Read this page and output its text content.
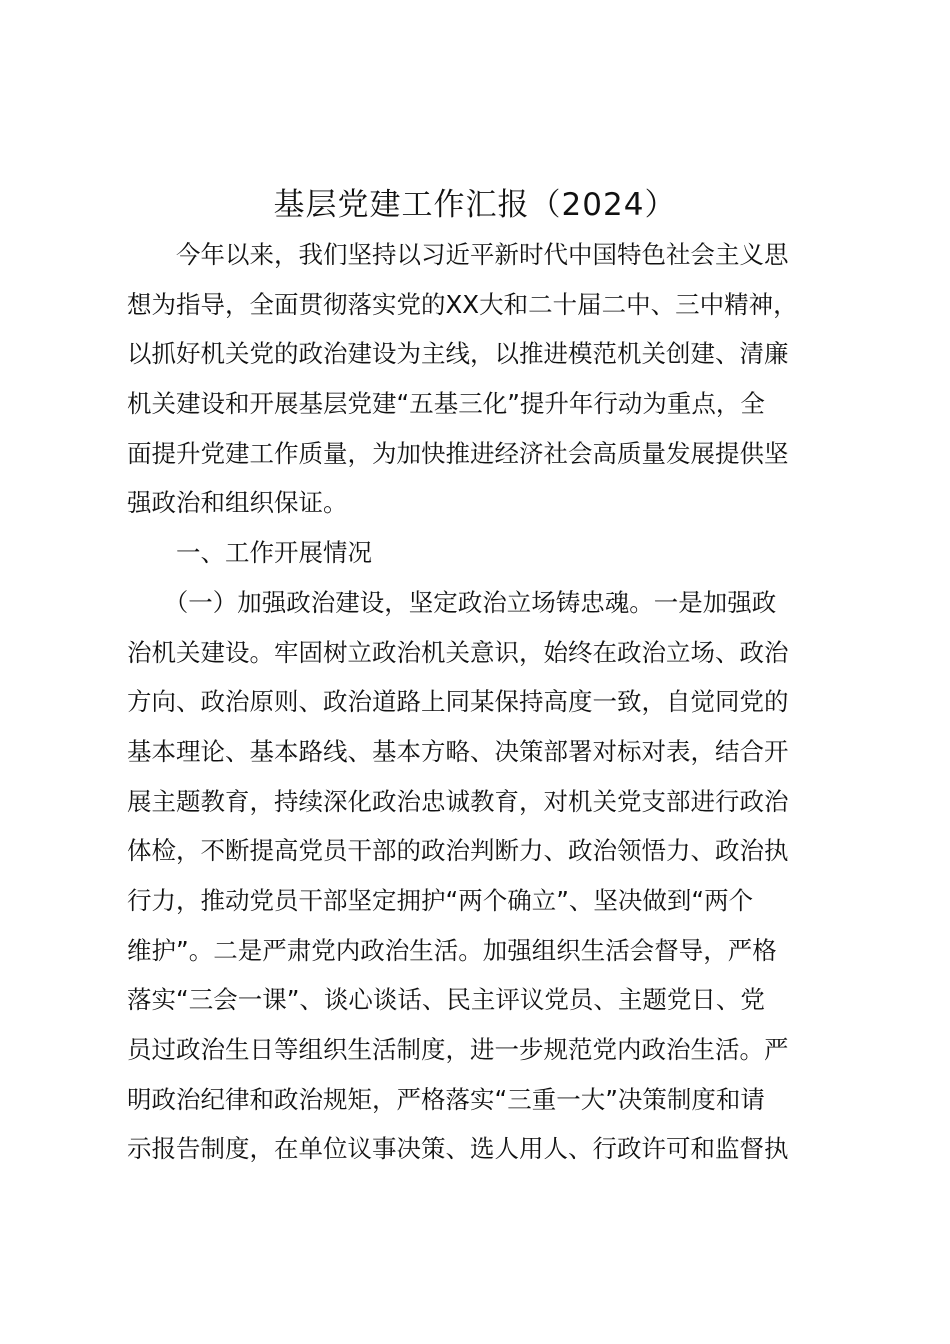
基层党建工作汇报（2024）
　　今年以来，我们坚持以习近平新时代中国特色社会主义思
想为指导，全面贯彻落实党的XX大和二十届二中、三中精神，
以抓好机关党的政治建设为主线，以推进模范机关创建、清廉
机关建设和开展基层党建“五基三化”提升年行动为重点，全
面提升党建工作质量，为加快推进经济社会高质量发展提供坚
强政治和组织保证。
　　一、工作开展情况
　　（一）加强政治建设，坚定政治立场铸忠魂。一是加强政
治机关建设。牢固树立政治机关意识，始终在政治立场、政治
方向、政治原则、政治道路上同某保持高度一致，自觉同党的
基本理论、基本路线、基本方略、决策部署对标对表，结合开
展主题教育，持续深化政治忠诚教育，对机关党支部进行政治
体检，不断提高党员干部的政治判断力、政治领悟力、政治执
行力，推动党员干部坚定拥护“两个确立”、坚决做到“两个
维护”。二是严肃党内政治生活。加强组织生活会督导，严格
落实“三会一课”、谈心谈话、民主评议党员、主题党日、党
员过政治生日等组织生活制度，进一步规范党内政治生活。严
明政治纪律和政治规矩，严格落实“三重一大”决策制度和请
示报告制度，在单位议事决策、选人用人、行政许可和监督执
